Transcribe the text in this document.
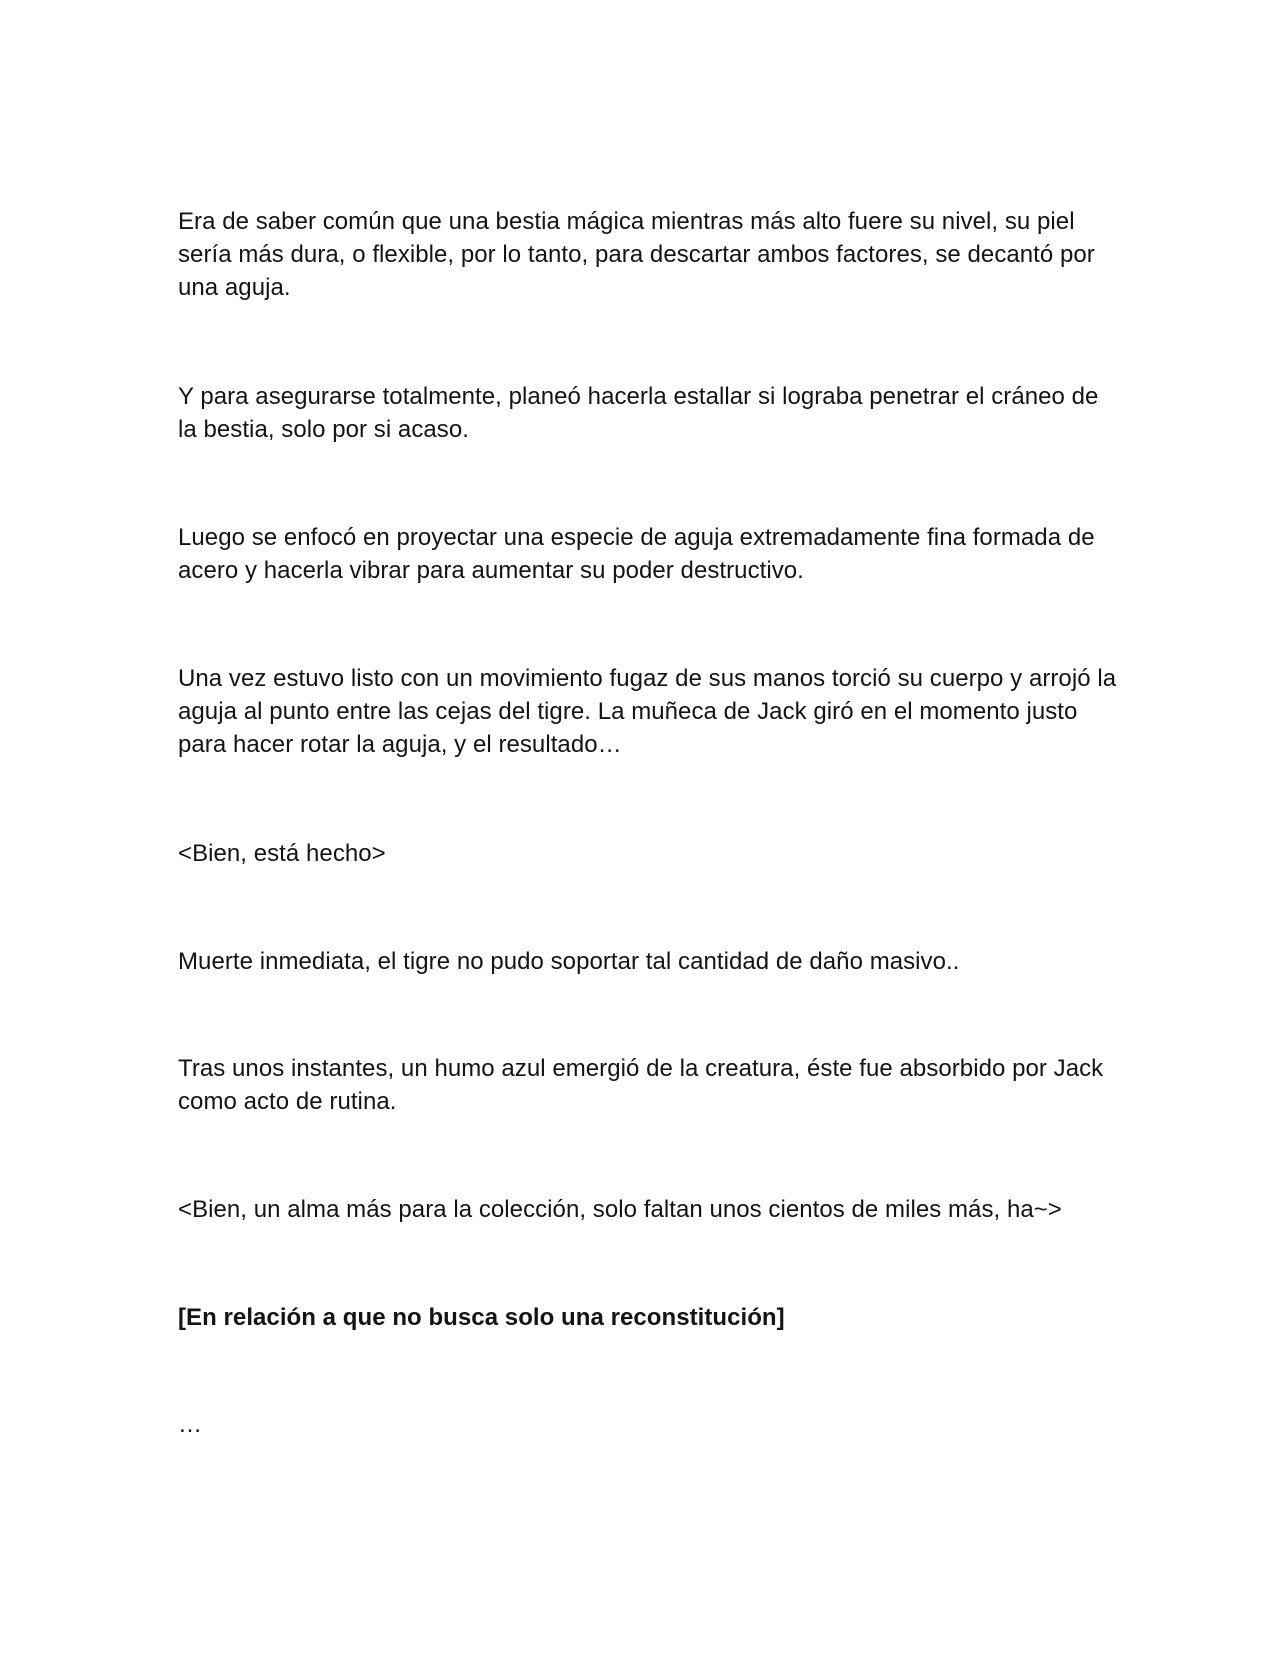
Era de saber común que una bestia mágica mientras más alto fuere su nivel, su piel sería más dura, o flexible, por lo tanto, para descartar ambos factores, se decantó por una aguja.

Y para asegurarse totalmente, planeó hacerla estallar si lograba penetrar el cráneo de la bestia, solo por si acaso.

Luego se enfocó en proyectar una especie de aguja extremadamente fina formada de acero y hacerla vibrar para aumentar su poder destructivo.

Una vez estuvo listo con un movimiento fugaz de sus manos torció su cuerpo y arrojó la aguja al punto entre las cejas del tigre. La muñeca de Jack giró en el momento justo para hacer rotar la aguja, y el resultado…

<Bien, está hecho>

Muerte inmediata, el tigre no pudo soportar tal cantidad de daño masivo..

Tras unos instantes, un humo azul emergió de la creatura, éste fue absorbido por Jack como acto de rutina.

<Bien, un alma más para la colección, solo faltan unos cientos de miles más, ha~>

[En relación a que no busca solo una reconstitución]

…
